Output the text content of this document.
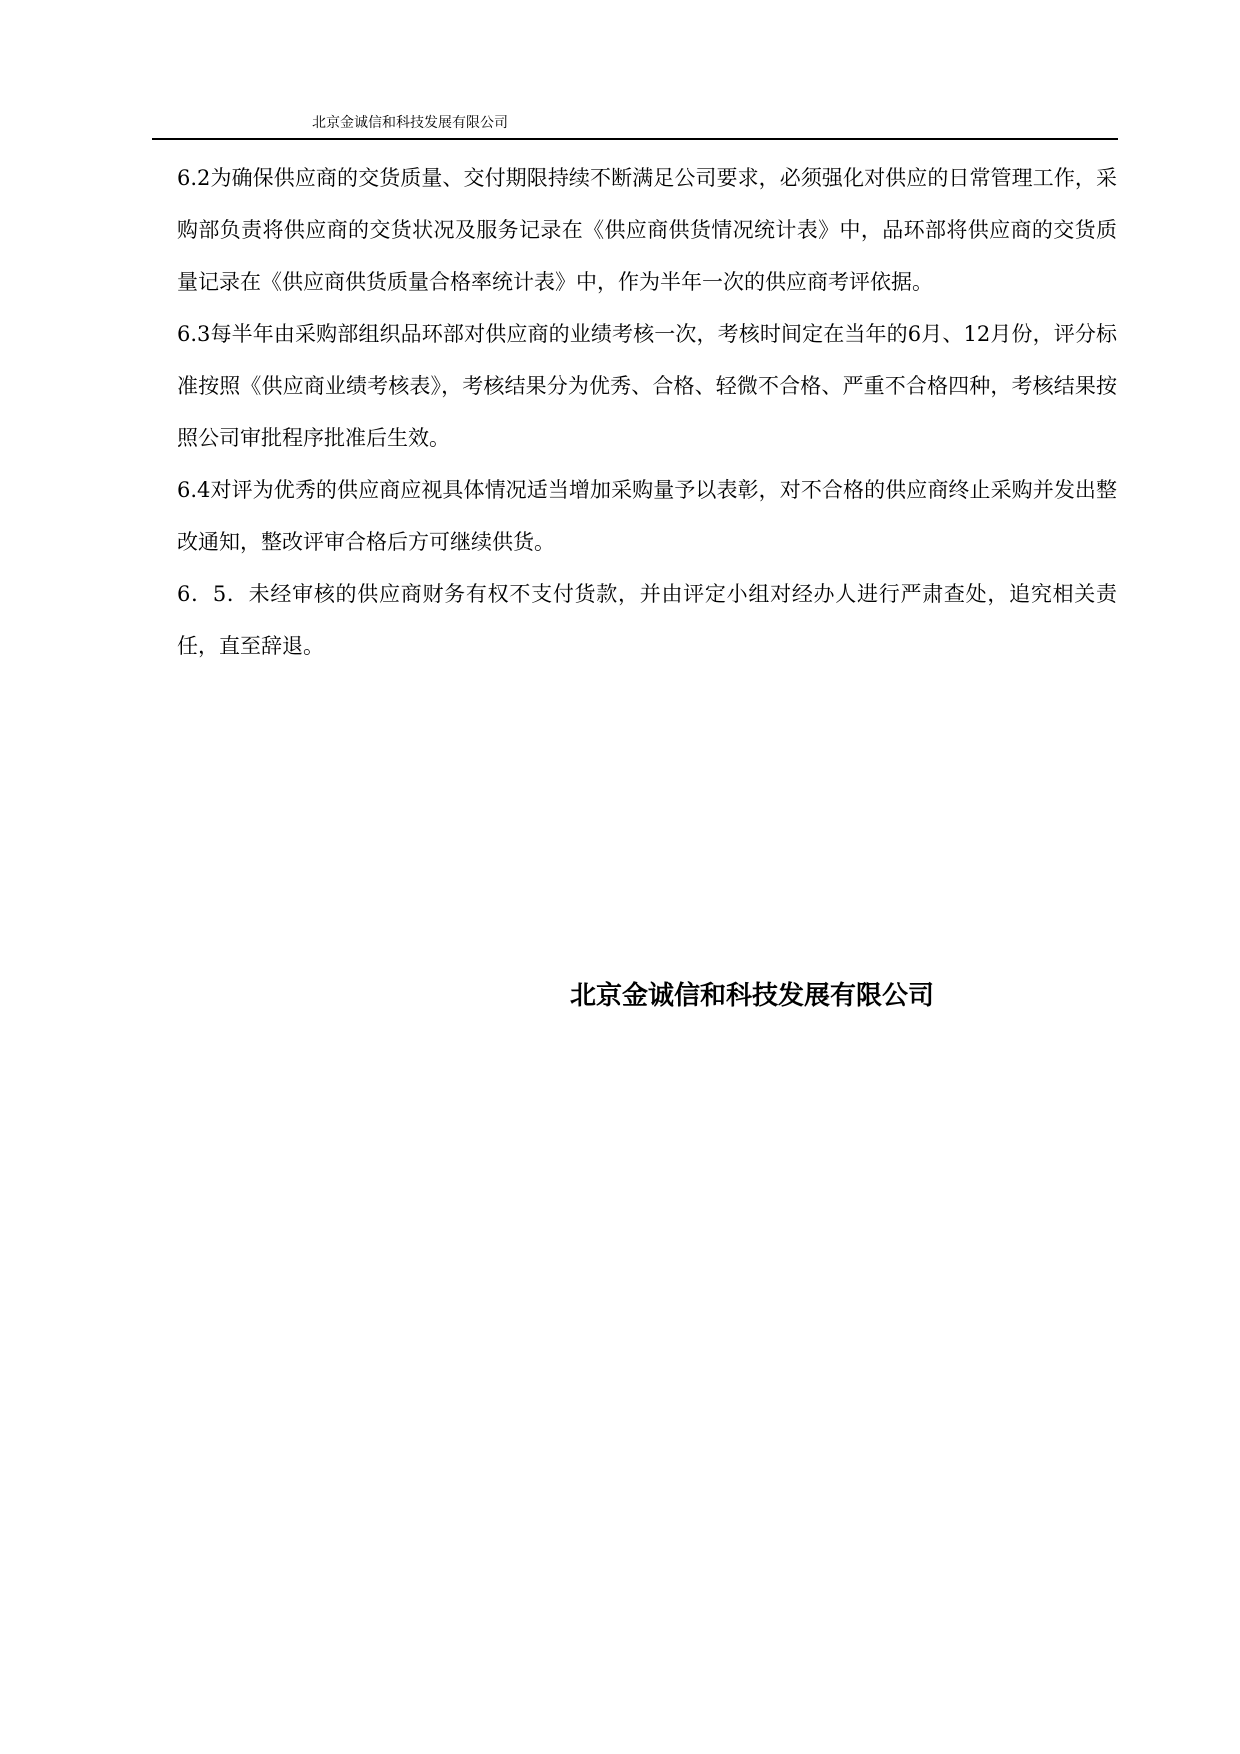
北京金诚信和科技发展有限公司

6.2为确保供应商的交货质量、交付期限持续不断满足公司要求，必须强化对供应的日常管理工作，采购部负责将供应商的交货状况及服务记录在《供应商供货情况统计表》中，品环部将供应商的交货质量记录在《供应商供货质量合格率统计表》中，作为半年一次的供应商考评依据。

6.3每半年由采购部组织品环部对供应商的业绩考核一次，考核时间定在当年的6月、12月份，评分标准按照《供应商业绩考核表》，考核结果分为优秀、合格、轻微不合格、严重不合格四种，考核结果按照公司审批程序批准后生效。

6.4对评为优秀的供应商应视具体情况适当增加采购量予以表彰，对不合格的供应商终止采购并发出整改通知，整改评审合格后方可继续供货。

6．5．未经审核的供应商财务有权不支付货款，并由评定小组对经办人进行严肃查处，追究相关责任，直至辞退。

北京金诚信和科技发展有限公司
